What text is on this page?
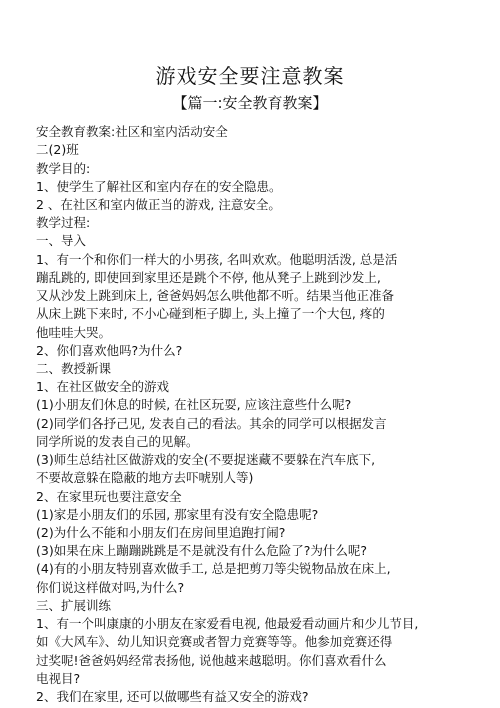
游戏安全要注意教案
【篇一:安全教育教案】
安全教育教案:社区和室内活动安全
二(2)班
教学目的:
1、使学生了解社区和室内存在的安全隐患。
2 、在社区和室内做正当的游戏, 注意安全。
教学过程:
一、导入
1、有一个和你们一样大的小男孩, 名叫欢欢。他聪明活泼, 总是活
蹦乱跳的, 即使回到家里还是跳个不停, 他从凳子上跳到沙发上,
又从沙发上跳到床上, 爸爸妈妈怎么哄他都不听。结果当他正准备
从床上跳下来时, 不小心碰到柜子脚上, 头上撞了一个大包, 疼的
他哇哇大哭。
2、你们喜欢他吗?为什么?
二、教授新课
1、在社区做安全的游戏
(1)小朋友们休息的时候, 在社区玩耍, 应该注意些什么呢?
(2)同学们各抒己见, 发表自己的看法。其余的同学可以根据发言
同学所说的发表自己的见解。
(3)师生总结社区做游戏的安全(不要捉迷藏不要躲在汽车底下,
不要故意躲在隐蔽的地方去吓唬别人等)
2、在家里玩也要注意安全
(1)家是小朋友们的乐园, 那家里有没有安全隐患呢?
(2)为什么不能和小朋友们在房间里追跑打闹?
(3)如果在床上蹦蹦跳跳是不是就没有什么危险了?为什么呢?
(4)有的小朋友特别喜欢做手工, 总是把剪刀等尖锐物品放在床上,
你们说这样做对吗,为什么?
三、扩展训练
1、有一个叫康康的小朋友在家爱看电视, 他最爱看动画片和少儿节目,
如《大风车》、幼儿知识竞赛或者智力竞赛等等。他参加竞赛还得
过奖呢!爸爸妈妈经常表扬他, 说他越来越聪明。你们喜欢看什么
电视目?
2、我们在家里, 还可以做哪些有益又安全的游戏?
